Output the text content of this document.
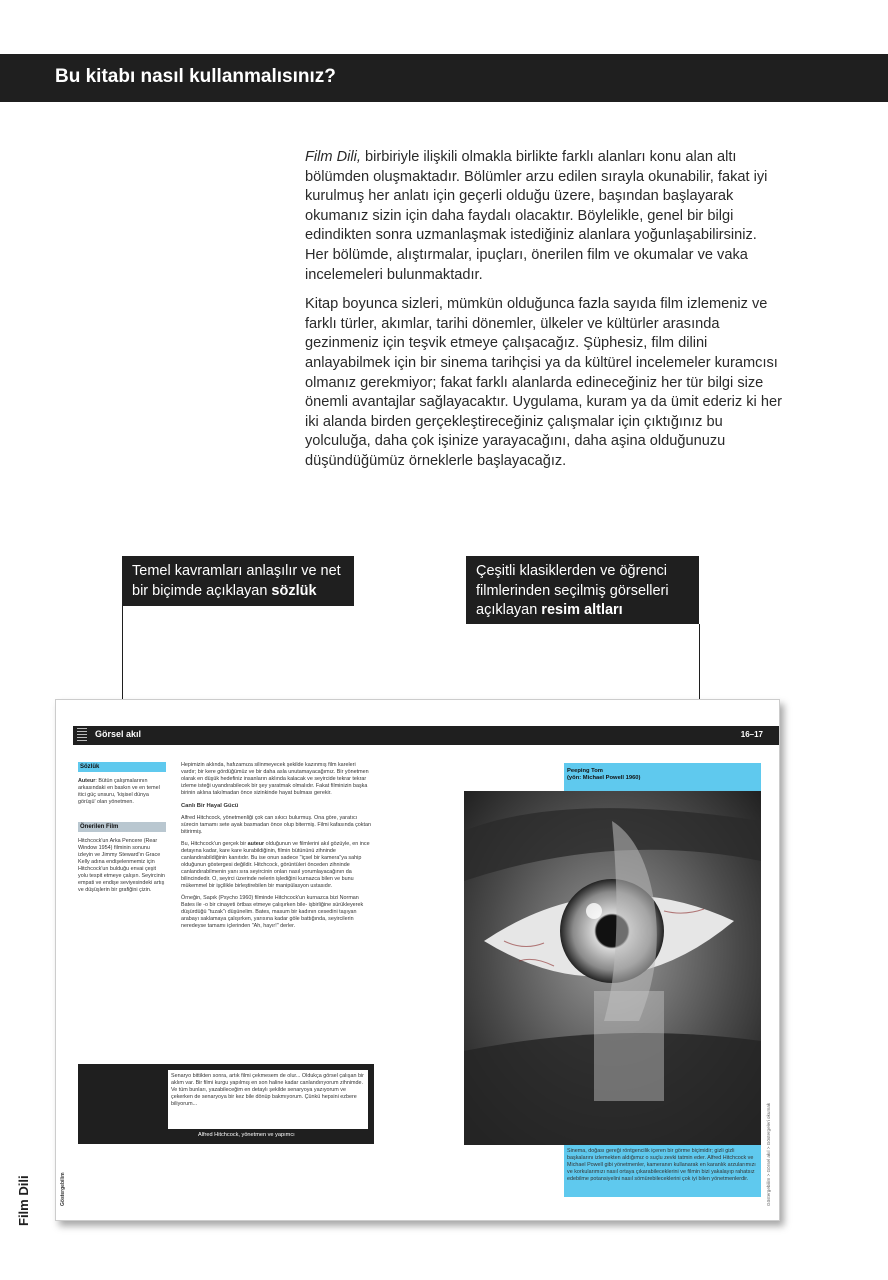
Bu kitabı nasıl kullanmalısınız?

Film Dili, birbiriyle ilişkili olmakla birlikte farklı alanları konu alan altı bölümden oluşmaktadır. Bölümler arzu edilen sırayla okunabilir, fakat iyi kurulmuş her anlatı için geçerli olduğu üzere, başından başlayarak okumanız sizin için daha faydalı olacaktır. Böylelikle, genel bir bilgi edindikten sonra uzmanlaşmak istediğiniz alanlara yoğunlaşabilirsiniz. Her bölümde, alıştırmalar, ipuçları, önerilen film ve okumalar ve vaka incelemeleri bulunmaktadır.

Kitap boyunca sizleri, mümkün olduğunca fazla sayıda film izlemeniz ve farklı türler, akımlar, tarihi dönemler, ülkeler ve kültürler arasında gezinmeniz için teşvik etmeye çalışacağız. Şüphesiz, film dilini anlayabilmek için bir sinema tarihçisi ya da kültürel incelemeler kuramcısı olmanız gerekmiyor; fakat farklı alanlarda edineceğiniz her tür bilgi size önemli avantajlar sağlayacaktır. Uygulama, kuram ya da ümit ederiz ki her iki alanda birden gerçekleştireceğiniz çalışmalar için çıktığınız bu yolculuğa, daha çok işinize yarayacağını, daha aşina olduğunuzu düşündüğümüz örneklerle başlayacağız.

Temel kavramları anlaşılır ve net bir biçimde açıklayan sözlük
Çeşitli klasiklerden ve öğrenci filmlerinden seçilmiş görselleri açıklayan resim altları
Görsel akıl	16–17
Sözlük
Auteur: Bütün çalışmalarının arkasındaki en baskın ve en temel itici güç unsuru, 'kişisel dünya görüşü' olan yönetmen.
Önerilen Film
Hitchcock'un Arka Pencere (Rear Window 1954) filminin sonunu izleyin ve Jimmy Steward'ın Grace Kelly adına endişelenmemiz için Hitchcock'un bulduğu envai çeşit yolu tespit etmeye çalışın. Seyircinin empati ve endişe seviyesindeki artış ve düşüşlerin bir grafiğini çizin.

Hepimizin aklında, hafızamıza silinmeyecek şekilde kazınmış film kareleri vardır; bir kere gördüğümüz ve bir daha asla unutamayacağımız. Bir yönetmen olarak en düşük hedefiniz insanların aklında kalacak ve seyircide tekrar tekrar izleme isteği uyandırabilecek bir şey yaratmak olmalıdır. Fakat filminizin başka birinin aklına takılmadan önce sizinkinde hayat bulması gerekir.

Canlı Bir Hayal Gücü

Alfred Hitchcock, yönetmenliği çok can sıkıcı bulurmuş. Ona göre, yaratıcı sürecin tamamı sete ayak basmadan önce olup bitermiş. Filmi kafasında çoktan bitirirmiş.

Bu, Hitchcock'un gerçek bir auteur olduğunun ve filmlerini akıl gözüyle, en ince detayına kadar, kare kare kurabildiğinin, filmin bütününü zihninde canlandırabildiğinin kanıtıdır. Bu ise onun sadece "içsel bir kamera"ya sahip olduğunun göstergesi değildir. Hitchcock, görüntüleri önceden zihninde canlandırabilmenin yanı sıra seyircinin onları nasıl yorumlayacağının da bilincindedir. O, seyirci üzerinde nelerin işlediğini kurnazca bilen ve bunu mükemmel bir işçilikle birleştirebilen bir manipülasyon ustasıdır.

Örneğin, Sapık (Psycho 1960) filminde Hitchcock'un kurnazca bizi Norman Bates ile -o bir cinayeti örtbas etmeye çalışırken bile- işbirliğine sürükleyerek düşürdüğü "tuzak"ı düşünelim. Bates, masum bir kadının cesedini taşıyan arabayı saklamaya çalışırken, yarısına kadar göle battığında, seyircilerin neredeyse tamamı içlerinden "Ah, hayır!" derler.

Senaryo bittikten sonra, artık filmi çekmesem de olur... Oldukça görsel çalışan bir aklım var. Bir filmi kurgu yapılmış en son haline kadar canlandırıyorum zihnimde. Ve tüm bunları, yazabileceğim en detaylı şekilde senaryoya yazıyorum ve çekerken de senaryoya bir kez bile dönüp bakmıyorum. Çünkü hepsini ezbere biliyorum...
Alfred Hitchcock, yönetmen ve yapımcı
Peeping Tom
(yön: Michael Powell 1960)
Sinema, doğası gereği röntgencilik içeren bir görme biçimidir; gizli gizli başkalarını izlemekten aldığımız o suçlu zevki tatmin eder. Alfred Hitchcock ve Michael Powell gibi yönetmenler, kameranın kullanarak en karanlık arzularımızı ve korkularımızı nasıl ortaya çıkarabileceklerini ve filmin bizi yakalayıp rahatsız edebilme potansiyelini nasıl sömürebileceklerini çok iyi bilen yönetmenlerdir.
Göstergebilim	Göstergebilim > Görsel akıl > Göstergeleri okumak
Film Dili
